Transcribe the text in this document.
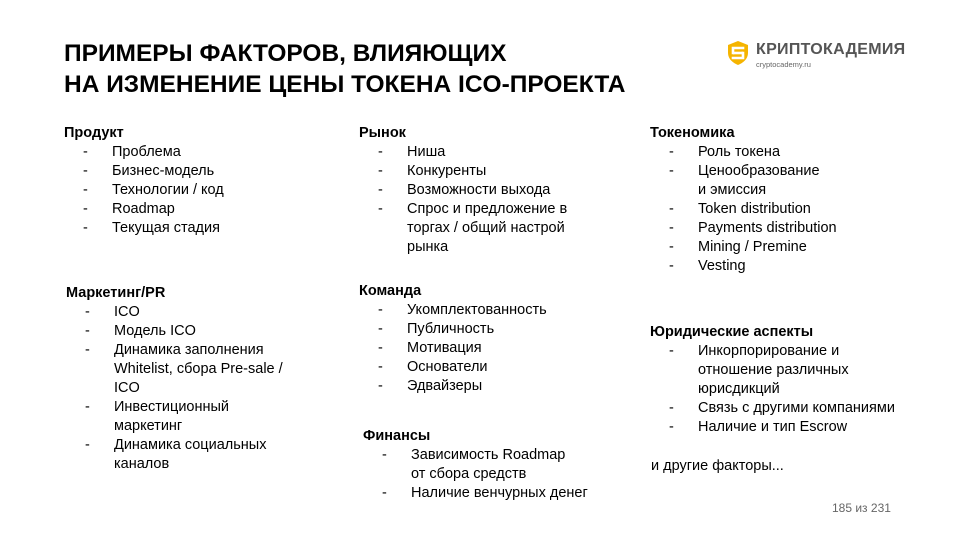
ПРИМЕРЫ ФАКТОРОВ, ВЛИЯЮЩИХ
НА ИЗМЕНЕНИЕ ЦЕНЫ ТОКЕНА ICO-ПРОЕКТА
КРИПТОКАДЕМИЯ
cryptocademy.ru
Продукт
- Проблема
- Бизнес-модель
- Технологии / код
- Roadmap
- Текущая стадия
Маркетинг/PR
- ICO
- Модель ICO
- Динамика заполнения
Whitelist, сбора Pre-sale /
ICO
- Инвестиционный
маркетинг
- Динамика социальных
каналов
Рынок
- Ниша
- Конкуренты
- Возможности выхода
- Спрос и предложение в
торгах / общий настрой
рынка
Команда
- Укомплектованность
- Публичность
- Мотивация
- Основатели
- Эдвайзеры
Финансы
- Зависимость Roadmap
от сбора средств
- Наличие венчурных денег
Токеномика
- Роль токена
- Ценообразование
и эмиссия
- Token distribution
- Payments distribution
- Mining / Premine
- Vesting
Юридические аспекты
- Инкорпорирование и
отношение различных
юрисдикций
- Связь с другими компаниями
- Наличие и тип Escrow
и другие факторы...
185 из 231
